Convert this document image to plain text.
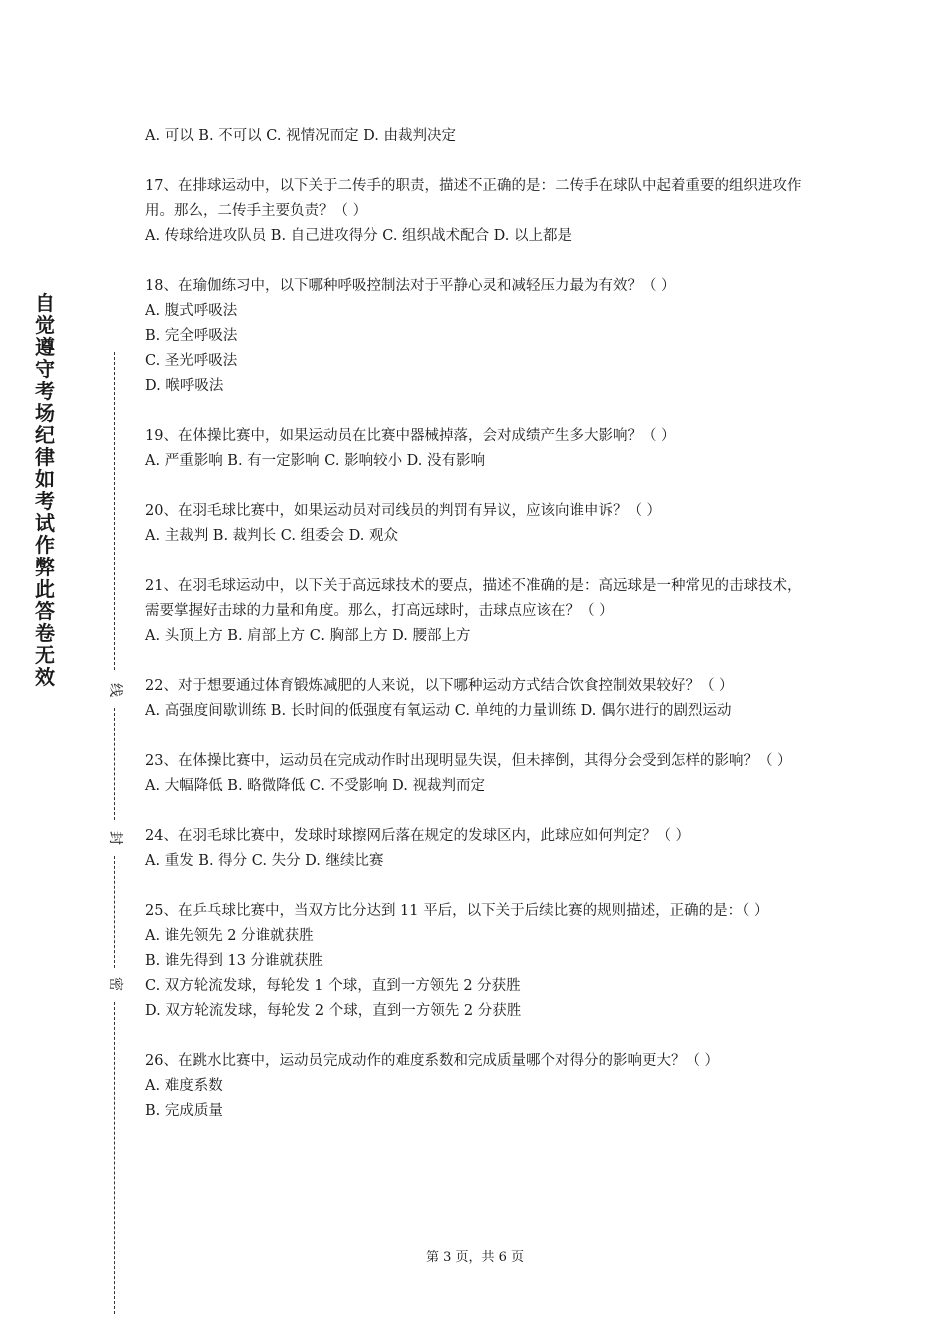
自觉遵守考场纪律如考试作弊此答卷无效
线
封
密

A. 可以 B. 不可以 C. 视情况而定 D. 由裁判决定

17、在排球运动中，以下关于二传手的职责，描述不正确的是：二传手在球队中起着重要的组织进攻作用。那么，二传手主要负责？（ ）

A. 传球给进攻队员 B. 自己进攻得分 C. 组织战术配合 D. 以上都是

18、在瑜伽练习中，以下哪种呼吸控制法对于平静心灵和减轻压力最为有效？（ ）

A. 腹式呼吸法

B. 完全呼吸法

C. 圣光呼吸法

D. 喉呼吸法

19、在体操比赛中，如果运动员在比赛中器械掉落，会对成绩产生多大影响？（ ）

A. 严重影响 B. 有一定影响 C. 影响较小 D. 没有影响

20、在羽毛球比赛中，如果运动员对司线员的判罚有异议，应该向谁申诉？（ ）

A. 主裁判 B. 裁判长 C. 组委会 D. 观众

21、在羽毛球运动中，以下关于高远球技术的要点，描述不准确的是：高远球是一种常见的击球技术，需要掌握好击球的力量和角度。那么，打高远球时，击球点应该在？（ ）

A. 头顶上方 B. 肩部上方 C. 胸部上方 D. 腰部上方

22、对于想要通过体育锻炼减肥的人来说，以下哪种运动方式结合饮食控制效果较好？（ ）

A. 高强度间歇训练 B. 长时间的低强度有氧运动 C. 单纯的力量训练 D. 偶尔进行的剧烈运动

23、在体操比赛中，运动员在完成动作时出现明显失误，但未摔倒，其得分会受到怎样的影响？（ ）

A. 大幅降低 B. 略微降低 C. 不受影响 D. 视裁判而定

24、在羽毛球比赛中，发球时球擦网后落在规定的发球区内，此球应如何判定？（ ）

A. 重发 B. 得分 C. 失分 D. 继续比赛

25、在乒乓球比赛中，当双方比分达到 11 平后，以下关于后续比赛的规则描述，正确的是：（ ）

A. 谁先领先 2 分谁就获胜

B. 谁先得到 13 分谁就获胜

C. 双方轮流发球，每轮发 1 个球，直到一方领先 2 分获胜

D. 双方轮流发球，每轮发 2 个球，直到一方领先 2 分获胜

26、在跳水比赛中，运动员完成动作的难度系数和完成质量哪个对得分的影响更大？（ ）

A. 难度系数

B. 完成质量

第 3 页，共 6 页
